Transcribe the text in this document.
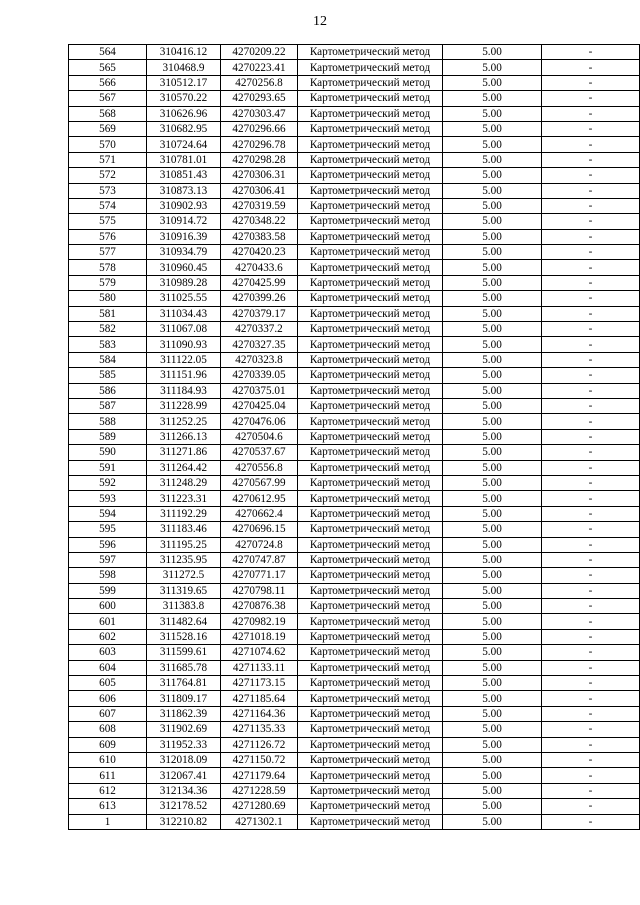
12
564	310416.12	4270209.22	Картометрический метод	5.00	-
565	310468.9	4270223.41	Картометрический метод	5.00	-
566	310512.17	4270256.8	Картометрический метод	5.00	-
567	310570.22	4270293.65	Картометрический метод	5.00	-
568	310626.96	4270303.47	Картометрический метод	5.00	-
569	310682.95	4270296.66	Картометрический метод	5.00	-
570	310724.64	4270296.78	Картометрический метод	5.00	-
571	310781.01	4270298.28	Картометрический метод	5.00	-
572	310851.43	4270306.31	Картометрический метод	5.00	-
573	310873.13	4270306.41	Картометрический метод	5.00	-
574	310902.93	4270319.59	Картометрический метод	5.00	-
575	310914.72	4270348.22	Картометрический метод	5.00	-
576	310916.39	4270383.58	Картометрический метод	5.00	-
577	310934.79	4270420.23	Картометрический метод	5.00	-
578	310960.45	4270433.6	Картометрический метод	5.00	-
579	310989.28	4270425.99	Картометрический метод	5.00	-
580	311025.55	4270399.26	Картометрический метод	5.00	-
581	311034.43	4270379.17	Картометрический метод	5.00	-
582	311067.08	4270337.2	Картометрический метод	5.00	-
583	311090.93	4270327.35	Картометрический метод	5.00	-
584	311122.05	4270323.8	Картометрический метод	5.00	-
585	311151.96	4270339.05	Картометрический метод	5.00	-
586	311184.93	4270375.01	Картометрический метод	5.00	-
587	311228.99	4270425.04	Картометрический метод	5.00	-
588	311252.25	4270476.06	Картометрический метод	5.00	-
589	311266.13	4270504.6	Картометрический метод	5.00	-
590	311271.86	4270537.67	Картометрический метод	5.00	-
591	311264.42	4270556.8	Картометрический метод	5.00	-
592	311248.29	4270567.99	Картометрический метод	5.00	-
593	311223.31	4270612.95	Картометрический метод	5.00	-
594	311192.29	4270662.4	Картометрический метод	5.00	-
595	311183.46	4270696.15	Картометрический метод	5.00	-
596	311195.25	4270724.8	Картометрический метод	5.00	-
597	311235.95	4270747.87	Картометрический метод	5.00	-
598	311272.5	4270771.17	Картометрический метод	5.00	-
599	311319.65	4270798.11	Картометрический метод	5.00	-
600	311383.8	4270876.38	Картометрический метод	5.00	-
601	311482.64	4270982.19	Картометрический метод	5.00	-
602	311528.16	4271018.19	Картометрический метод	5.00	-
603	311599.61	4271074.62	Картометрический метод	5.00	-
604	311685.78	4271133.11	Картометрический метод	5.00	-
605	311764.81	4271173.15	Картометрический метод	5.00	-
606	311809.17	4271185.64	Картометрический метод	5.00	-
607	311862.39	4271164.36	Картометрический метод	5.00	-
608	311902.69	4271135.33	Картометрический метод	5.00	-
609	311952.33	4271126.72	Картометрический метод	5.00	-
610	312018.09	4271150.72	Картометрический метод	5.00	-
611	312067.41	4271179.64	Картометрический метод	5.00	-
612	312134.36	4271228.59	Картометрический метод	5.00	-
613	312178.52	4271280.69	Картометрический метод	5.00	-
1	312210.82	4271302.1	Картометрический метод	5.00	-
